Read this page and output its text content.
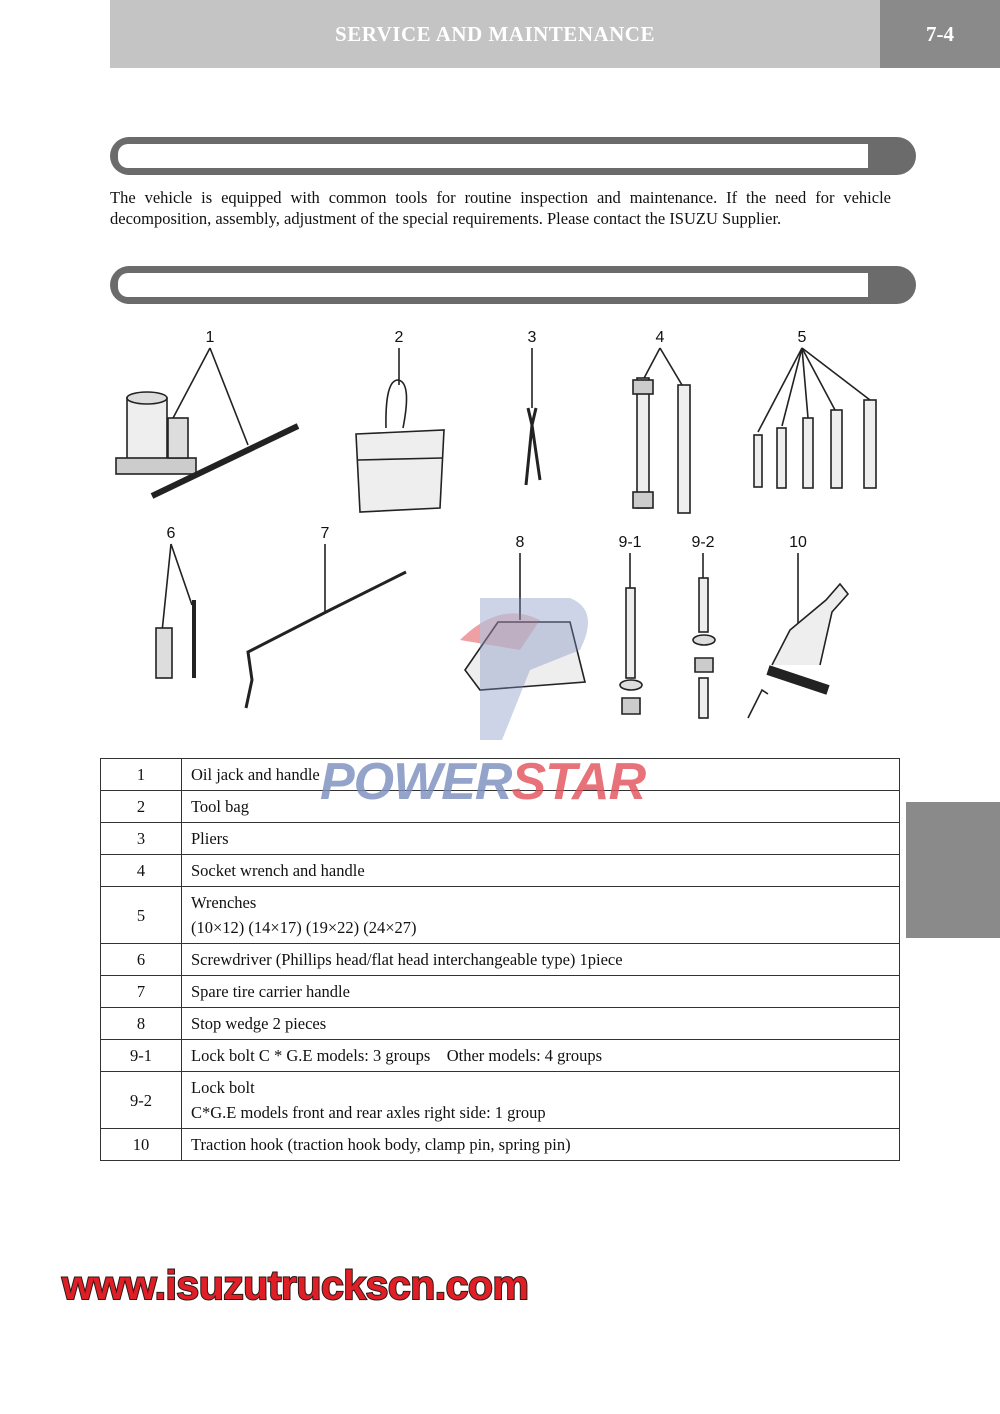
SERVICE AND MAINTENANCE	7-4

The vehicle is equipped with common tools for routine inspection and maintenance. If the need for vehicle decomposition, assembly, adjustment of the special requirements. Please contact the ISUZU Supplier.

1	2	3	4	5
6	7
8	9-1	9-2	10
1	Oil jack and handle
2	Tool bag
3	Pliers
4	Socket wrench and handle
5	Wrenches
(10×12) (14×17) (19×22) (24×27)

6	Screwdriver (Phillips head/flat head interchangeable type) 1piece
7	Spare tire carrier handle
8	Stop wedge 2 pieces
9-1	Lock bolt C * G.E models: 3 groups    Other models: 4 groups
9-2	Lock bolt
C*G.E models front and rear axles right side: 1 group

10	Traction hook (traction hook body, clamp pin, spring pin)
POWERSTAR
www.isuzutruckscn.com
